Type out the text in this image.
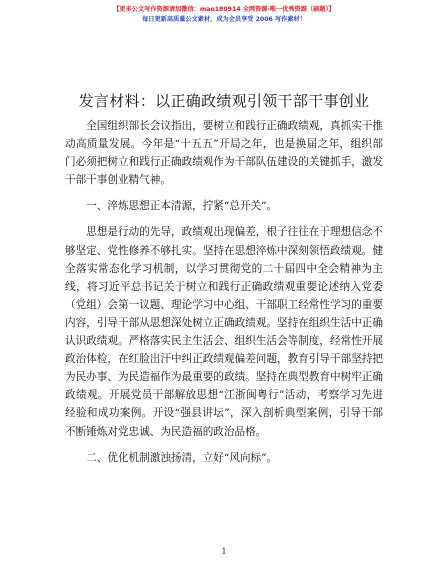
【更多公文写作资源请加微信：mao180914 全网资源·唯一优秀资源（刷题）】
每日更新高质量公文素材，成为会员享受 2006 写作素材！
发言材料：以正确政绩观引领干部干事创业

全国组织部长会议指出，要树立和践行正确政绩观，真抓实干推动高质量发展。今年是“十五五”开局之年，也是换届之年，组织部门必须把树立和践行正确政绩观作为干部队伍建设的关键抓手，激发干部干事创业精气神。

一、淬炼思想正本清源，拧紧“总开关”。

思想是行动的先导，政绩观出现偏差，根子往往在于理想信念不够坚定、党性修养不够扎实。坚持在思想淬炼中深刻领悟政绩观。健全落实常态化学习机制，以学习贯彻党的二十届四中全会精神为主线，将习近平总书记关于树立和践行正确政绩观重要论述纳入党委（党组）会第一议题、理论学习中心组、干部职工经常性学习的重要内容，引导干部从思想深处树立正确政绩观。坚持在组织生活中正确认识政绩观。严格落实民主生活会、组织生活会等制度，经常性开展政治体检，在红脸出汗中纠正政绩观偏差问题，教育引导干部坚持把为民办事、为民造福作为最重要的政绩。坚持在典型教育中树牢正确政绩观。开展党员干部解放思想“江浙闽粤行”活动，考察学习先进经验和成功案例。开设“强县讲坛”，深入剖析典型案例，引导干部不断锤炼对党忠诚、为民造福的政治品格。

二、优化机制激浊扬清，立好“风向标”。

1
